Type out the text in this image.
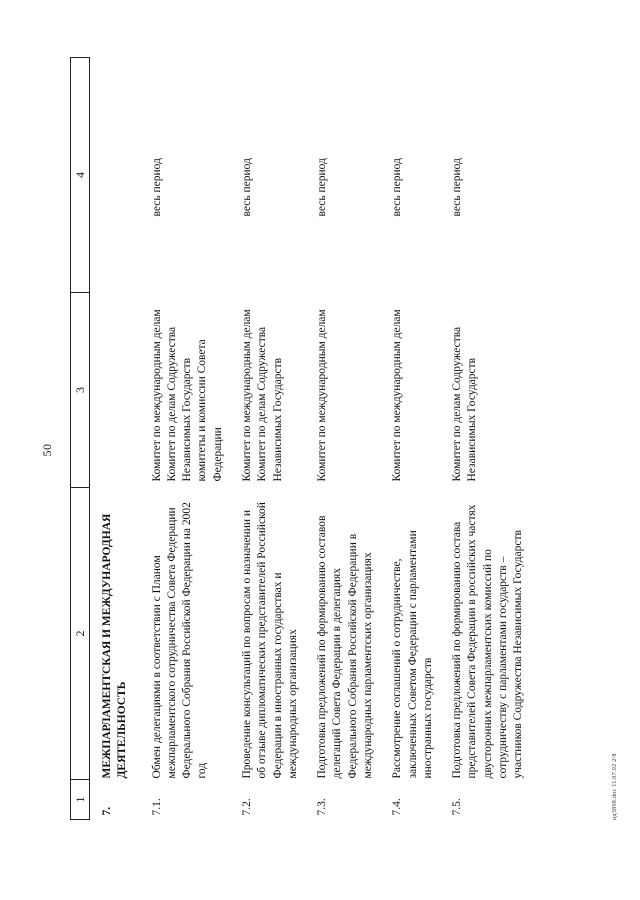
50
1	2	3	4
7.	МЕЖПАРЛАМЕНТСКАЯ И МЕЖДУНАРОДНАЯ ДЕЯТЕЛЬНОСТЬ		
7.1.	Обмен делегациями в соответствии с Планом межпарламентского сотрудничества Совета Федерации Федерального Собрания Российской Федерации на 2002 год	Комитет по международным делам Комитет по делам Содружества Независимых Государств комитеты и комиссии Совета Федерации	весь период
7.2.	Проведение консультаций по вопросам о назначении и об отзыве дипломатических представителей Российской Федерации в иностранных государствах и международных организациях	Комитет по международным делам Комитет по делам Содружества Независимых Государств	весь период
7.3.	Подготовка предложений по формированию составов делегаций Совета Федерации в делегациях Федерального Собрания Российской Федерации в международных парламентских организациях	Комитет по международным делам	весь период
7.4.	Рассмотрение соглашений о сотрудничестве, заключенных Советом Федерации с парламентами иностранных государств	Комитет по международным делам	весь период
7.5.	Подготовка предложений по формированию состава представителей Совета Федерации в российских частях двусторонних межпарламентских комиссий по сотрудничеству с парламентами государств – участников Содружества Независимых Государств	Комитет по делам Содружества Независимых Государств	весь период
нд3868.doc 11.07.02 2/8
